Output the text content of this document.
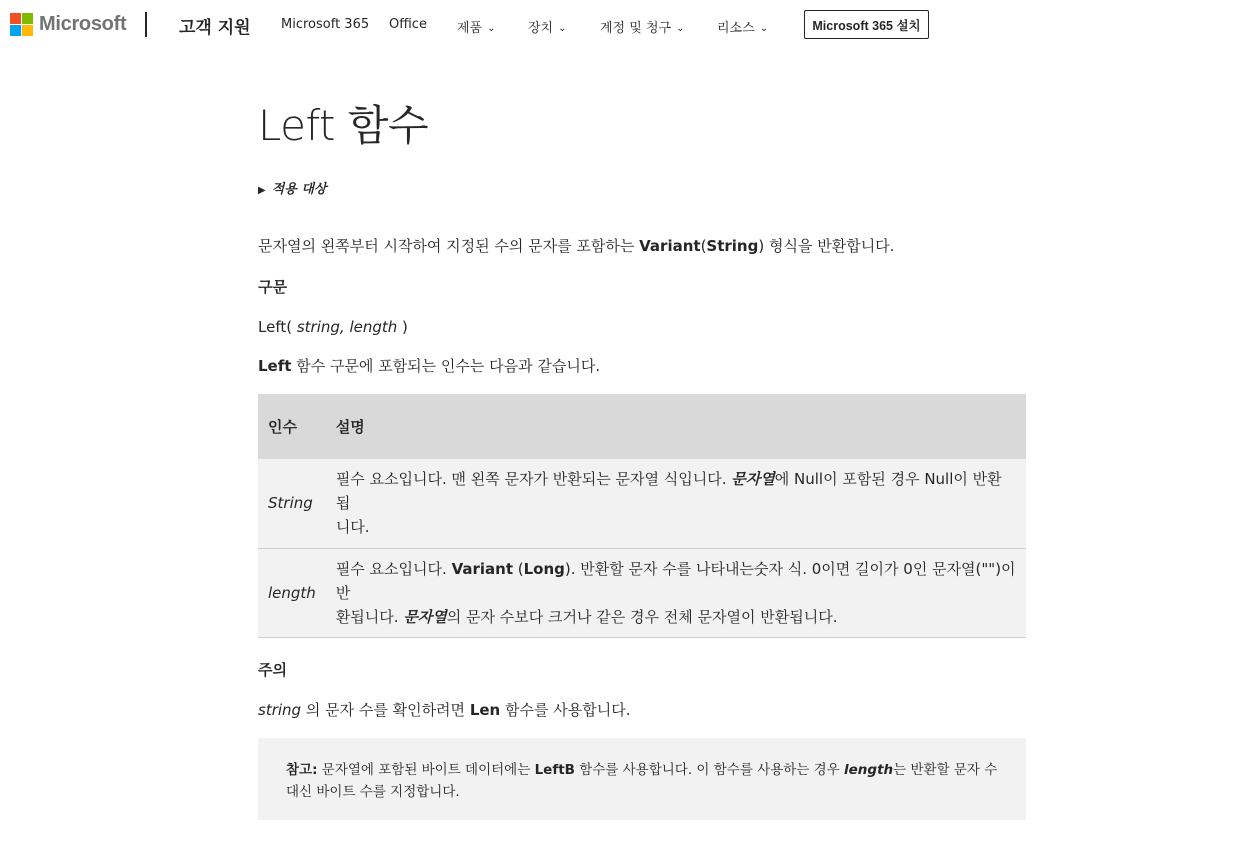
Microsoft	고객 지원 Microsoft 365 Office 제품 ⌄ 장치 ⌄	계정 및 청구 ⌄	리소스 ⌄	Microsoft 365 설치
Left 함수
▶ 적용 대상

문자열의 왼쪽부터 시작하여 지정된 수의 문자를 포함하는 Variant(String) 형식을 반환합니다.

구문

Left( string, length )

Left 함수 구문에 포함되는 인수는 다음과 같습니다.

인수	설명
String	필수 요소입니다. 맨 왼쪽 문자가 반환되는 문자열 식입니다. 문자열에 Null이 포함된 경우 Null이 반환됩
니다.
length	필수 요소입니다. Variant (Long). 반환할 문자 수를 나타내는숫자 식. 0이면 길이가 0인 문자열("")이 반
환됩니다. 문자열의 문자 수보다 크거나 같은 경우 전체 문자열이 반환됩니다.
주의

string 의 문자 수를 확인하려면 Len 함수를 사용합니다.

참고: 문자열에 포함된 바이트 데이터에는 LeftB 함수를 사용합니다. 이 함수를 사용하는 경우 length는 반환할 문자 수
대신 바이트 수를 지정합니다.
